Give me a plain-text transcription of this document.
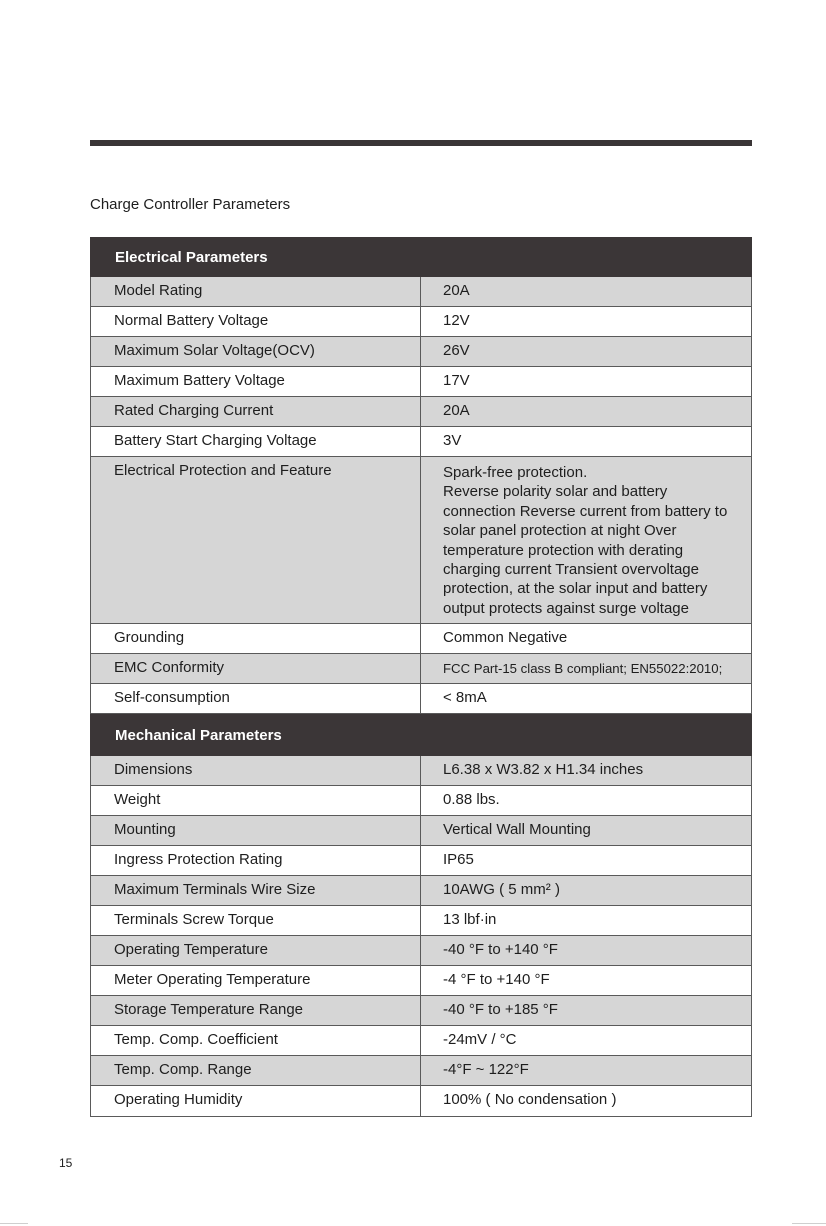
Charge Controller Parameters
Electrical Parameters
Model Rating	20A
Normal Battery Voltage	12V
Maximum Solar Voltage(OCV)	26V
Maximum Battery Voltage	17V
Rated Charging Current	20A
Battery Start Charging Voltage	3V
Electrical Protection and Feature	Spark-free protection.
Reverse polarity solar and battery connection Reverse current from battery to solar panel protection at night Over temperature protection with derating charging current Transient overvoltage protection, at the solar input and battery output protects against surge voltage
Grounding	Common Negative
EMC Conformity	FCC Part-15 class B compliant; EN55022:2010;
Self-consumption	< 8mA
Mechanical Parameters
Dimensions	L6.38 x W3.82 x H1.34 inches
Weight	0.88 lbs.
Mounting	Vertical Wall Mounting
Ingress Protection Rating	IP65
Maximum Terminals Wire Size	10AWG ( 5 mm² )
Terminals Screw Torque	13 lbf·in
Operating Temperature	-40 °F to +140 °F
Meter Operating Temperature	-4 °F to +140 °F
Storage Temperature Range	-40 °F to +185 °F
Temp. Comp. Coefficient	-24mV / °C
Temp. Comp. Range	-4°F ~ 122°F
Operating Humidity	100% ( No condensation )
15
